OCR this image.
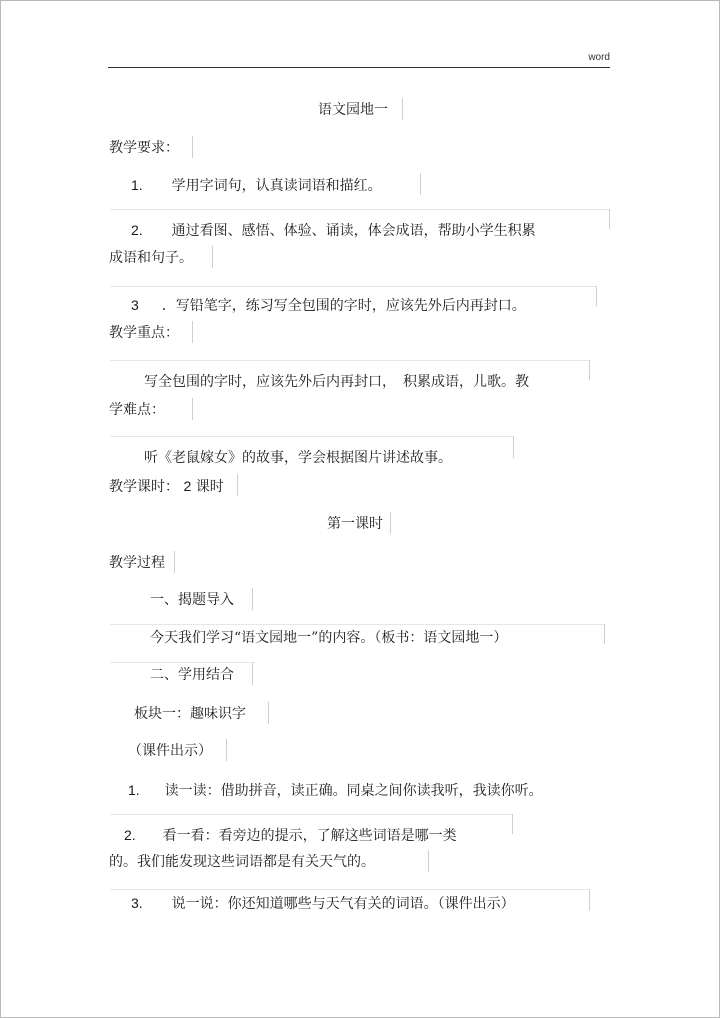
word
语文园地一
教学要求：
1. 学用字词句，认真读词语和描红。
2. 通过看图、感悟、体验、诵读，体会成语，帮助小学生积累
成语和句子。
3 ．写铅笔字，练习写全包围的字时，应该先外后内再封口。
教学重点：
写全包围的字时，应该先外后内再封口，　积累成语，儿歌。教
学难点：
听《老鼠嫁女》的故事，学会根据图片讲述故事。
教学课时： 2 课时
第一课时
教学过程
一、揭题导入
今天我们学习“语文园地一”的内容。（板书：语文园地一）
二、学用结合
板块一：趣味识字
（课件出示）
1. 读一读：借助拼音，读正确。同桌之间你读我听，我读你听。
2. 看一看：看旁边的提示，了解这些词语是哪一类
的。我们能发现这些词语都是有关天气的。
3. 说一说：你还知道哪些与天气有关的词语。（课件出示）
